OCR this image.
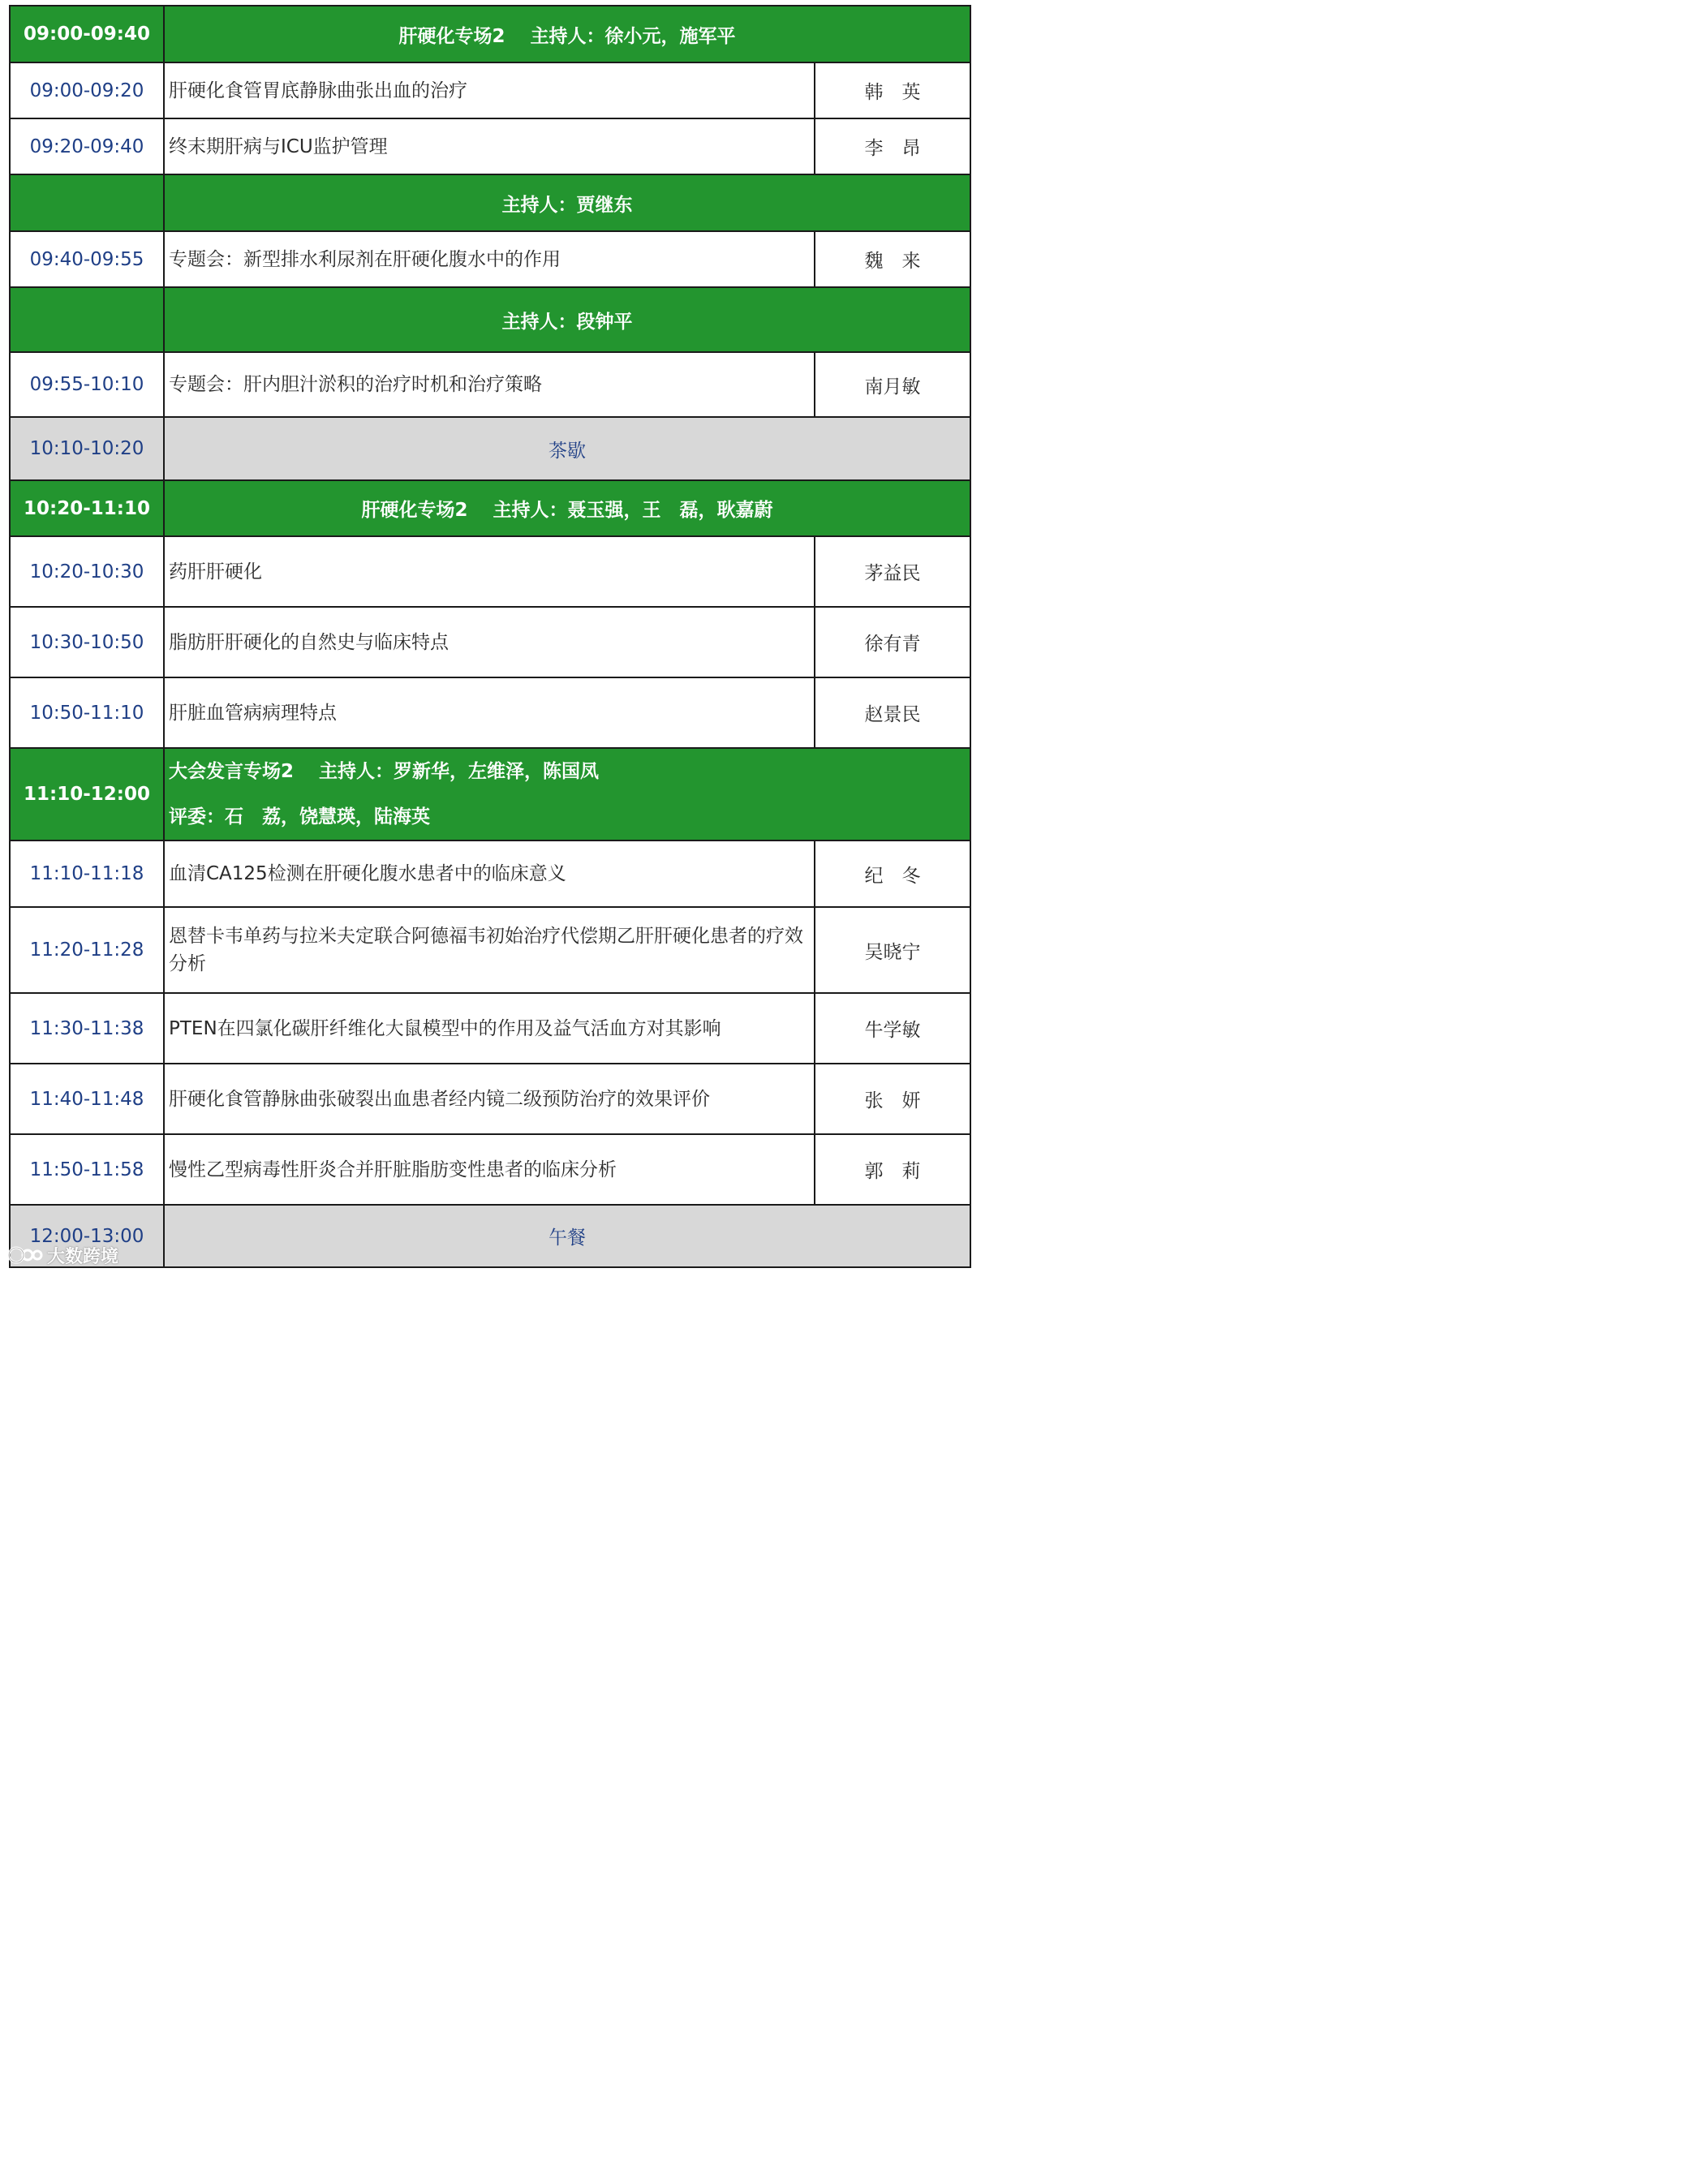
09:00-09:40	肝硬化专场2　 主持人：徐小元，施军平	
09:00-09:20	肝硬化食管胃底静脉曲张出血的治疗	韩　英
09:20-09:40	终末期肝病与ICU监护管理	李　昂
	主持人：贾继东	
09:40-09:55	专题会：新型排水利尿剂在肝硬化腹水中的作用	魏　来
	主持人：段钟平	
09:55-10:10	专题会：肝内胆汁淤积的治疗时机和治疗策略	南月敏
10:10-10:20	茶歇	
10:20-11:10	肝硬化专场2　 主持人：聂玉强，王　磊，耿嘉蔚	
10:20-10:30	药肝肝硬化	茅益民
10:30-10:50	脂肪肝肝硬化的自然史与临床特点	徐有青
10:50-11:10	肝脏血管病病理特点	赵景民
11:10-12:00	大会发言专场2　 主持人：罗新华，左维泽，陈国凤
评委：石　荔，饶慧瑛，陆海英	

11:10-11:18	血清CA125检测在肝硬化腹水患者中的临床意义	纪　冬
11:20-11:28	恩替卡韦单药与拉米夫定联合阿德福韦初始治疗代偿期乙肝肝硬化患者的疗效分析	吴晓宁
11:30-11:38	PTEN在四氯化碳肝纤维化大鼠模型中的作用及益气活血方对其影响	牛学敏
11:40-11:48	肝硬化食管静脉曲张破裂出血患者经内镜二级预防治疗的效果评价	张　妍
11:50-11:58	慢性乙型病毒性肝炎合并肝脏脂肪变性患者的临床分析	郭　莉
12:00-13:00	午餐	
大数跨境
